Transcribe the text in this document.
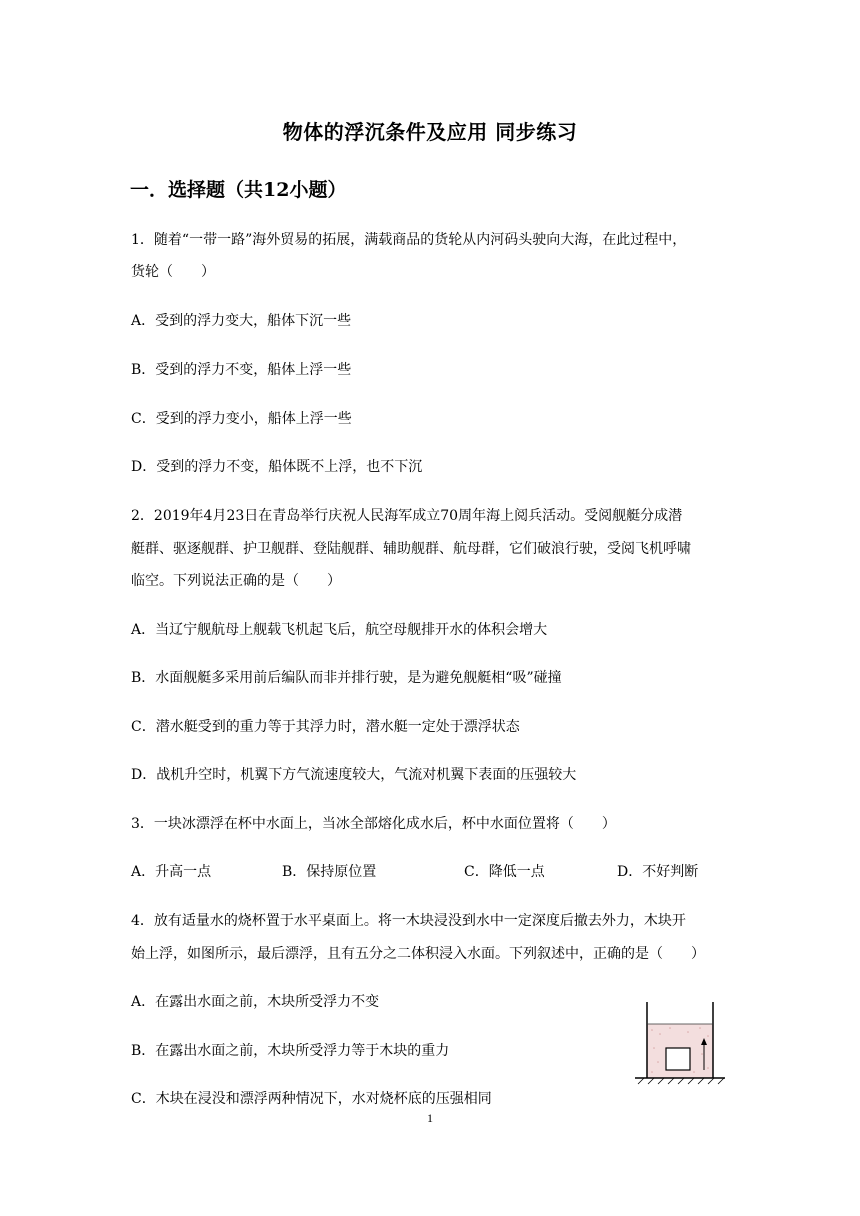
物体的浮沉条件及应用 同步练习
一．选择题（共12小题）
1．随着“一带一路”海外贸易的拓展，满载商品的货轮从内河码头驶向大海，在此过程中，
货轮（　　）
A．受到的浮力变大，船体下沉一些
B．受到的浮力不变，船体上浮一些
C．受到的浮力变小，船体上浮一些
D．受到的浮力不变，船体既不上浮，也不下沉
2．2019年4月23日在青岛举行庆祝人民海军成立70周年海上阅兵活动。受阅舰艇分成潜
艇群、驱逐舰群、护卫舰群、登陆舰群、辅助舰群、航母群，它们破浪行驶，受阅飞机呼啸
临空。下列说法正确的是（　　）
A．当辽宁舰航母上舰载飞机起飞后，航空母舰排开水的体积会增大
B．水面舰艇多采用前后编队而非并排行驶，是为避免舰艇相“吸”碰撞
C．潜水艇受到的重力等于其浮力时，潜水艇一定处于漂浮状态
D．战机升空时，机翼下方气流速度较大，气流对机翼下表面的压强较大
3．一块冰漂浮在杯中水面上，当冰全部熔化成水后，杯中水面位置将（　　）
A．升高一点	B．保持原位置	C．降低一点	D．不好判断
4．放有适量水的烧杯置于水平桌面上。将一木块浸没到水中一定深度后撤去外力，木块开
始上浮，如图所示，最后漂浮，且有五分之二体积浸入水面。下列叙述中，正确的是（　　）
A．在露出水面之前，木块所受浮力不变
B．在露出水面之前，木块所受浮力等于木块的重力
C．木块在浸没和漂浮两种情况下，水对烧杯底的压强相同
1
